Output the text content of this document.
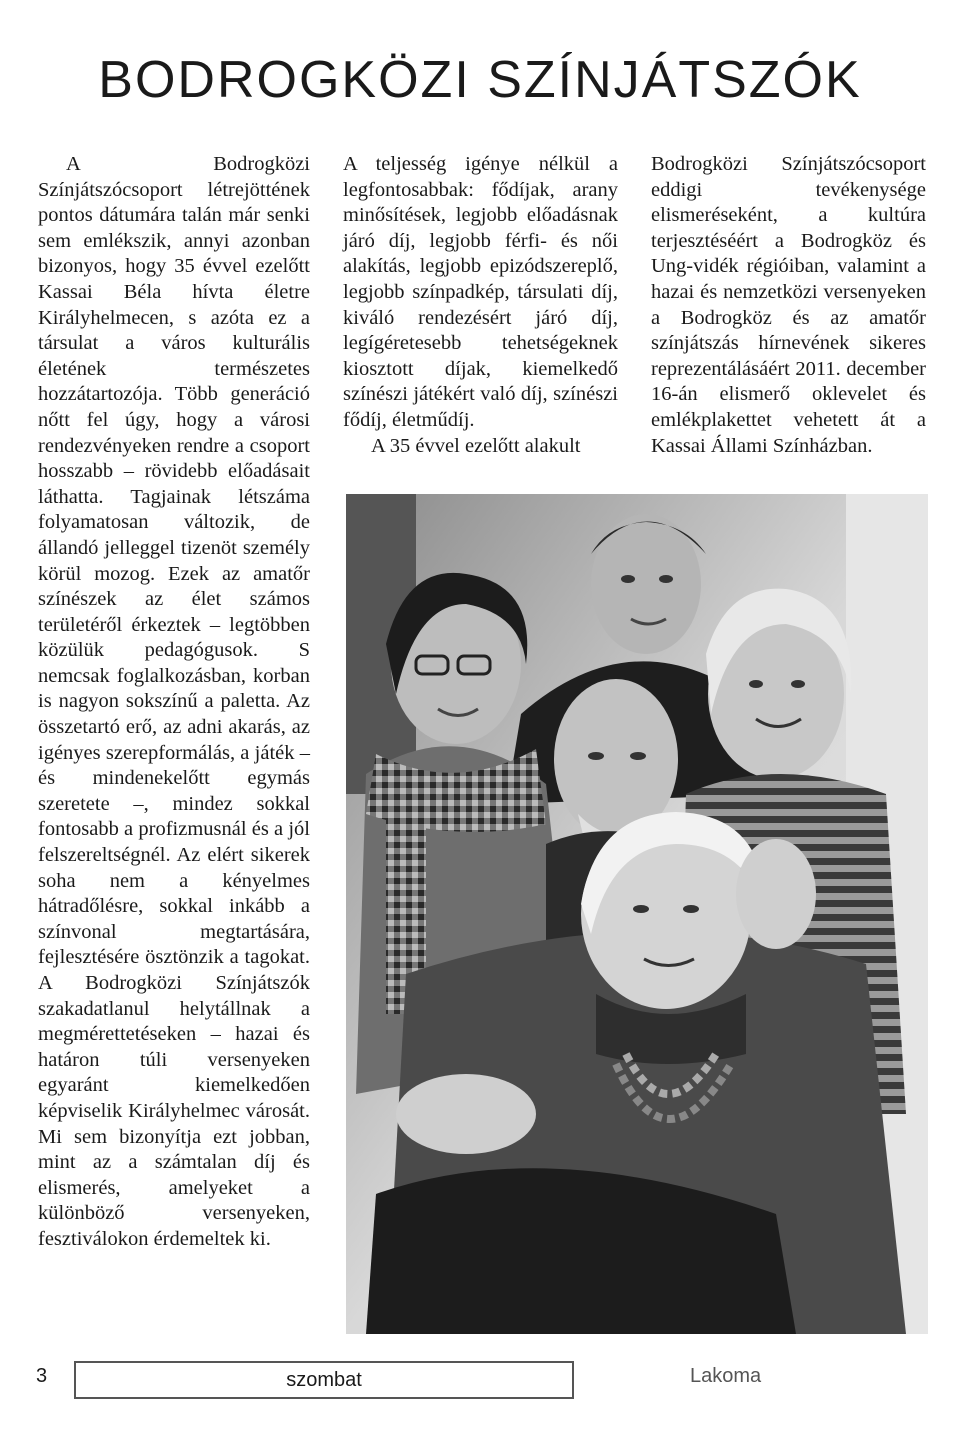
BODROGKÖZI SZÍNJÁTSZÓK

A Bodrogközi Színjátszócsoport létrejöttének pontos dátumára talán már senki sem emlékszik, annyi azonban bizonyos, hogy 35 évvel ezelőtt Kassai Béla hívta életre Királyhelmecen, s azóta ez a társulat a város kulturális életének természetes hozzátartozója. Több generáció nőtt fel úgy, hogy a városi rendezvényeken rendre a csoport hosszabb – rövidebb előadásait láthatta. Tagjainak létszáma folyamatosan változik, de állandó jelleggel tizenöt személy körül mozog. Ezek az amatőr színészek az élet számos területéről érkeztek – legtöbben közülük pedagógusok. S nemcsak foglalkozásban, korban is nagyon sokszínű a paletta. Az összetartó erő, az adni akarás, az igényes szerepformálás, a játék – és mindenekelőtt egymás szeretete –, mindez sokkal fontosabb a profizmusnál és a jól felszereltségnél. Az elért sikerek soha nem a kényelmes hátradőlésre, sokkal inkább a színvonal megtartására, fejlesztésére ösztönzik a tagokat. A Bodrogközi Színjátszók szakadatlanul helytállnak a megmérettetéseken – hazai és határon túli versenyeken egyaránt kiemelkedően képviselik Királyhelmec városát. Mi sem bizonyítja ezt jobban, mint az a számtalan díj és elismerés, amelyeket a különböző versenyeken, fesztiválokon érdemeltek ki.

A teljesség igénye nélkül a legfontosabbak: fődíjak, arany minősítések, legjobb előadásnak járó díj, legjobb férfi- és női alakítás, legjobb epizódszereplő, legjobb színpadkép, társulati díj, kiváló rendezésért járó díj, legígéretesebb tehetségeknek kiosztott díjak, kiemelkedő színészi játékért való díj, színészi fődíj, életműdíj.

A 35 évvel ezelőtt alakult

Bodrogközi Színjátszócsoport eddigi tevékenysége elismeréseként, a kultúra terjesztéséért a Bodrogköz és Ung-vidék régióiban, valamint a hazai és nemzetközi versenyeken a Bodrogköz és az amatőr színjátszás hírnevének sikeres reprezentálásáért 2011. december 16-án elismerő oklevelet és emlékplakettet vehetett át a Kassai Állami Színházban.

3	szombat	Lakoma
